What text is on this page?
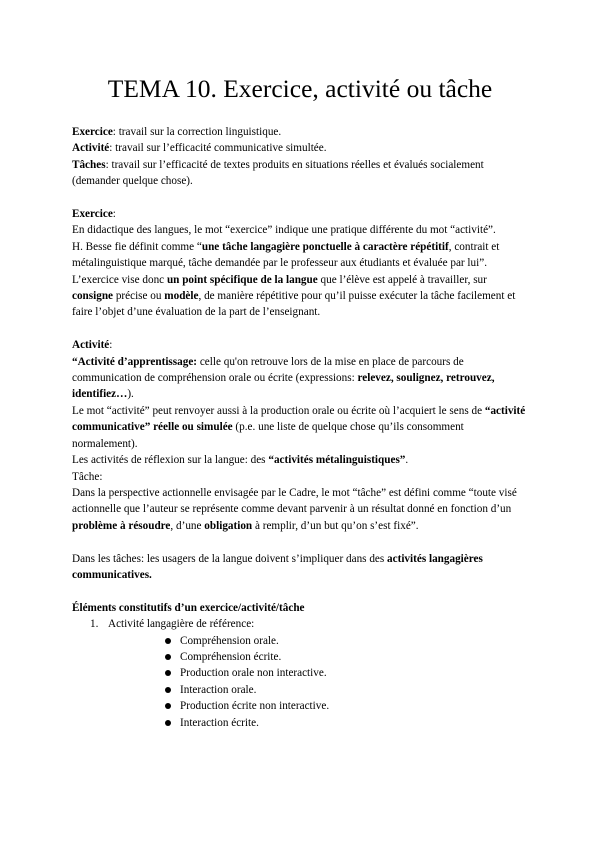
TEMA 10. Exercice, activité ou tâche

Exercice: travail sur la correction linguistique.

Activité: travail sur l’efficacité communicative simultée.

Tâches: travail sur l’efficacité de textes produits en situations réelles et évalués socialement (demander quelque chose).

Exercice:

En didactique des langues, le mot “exercice” indique une pratique différente du mot “activité”.

H. Besse fie définit comme “une tâche langagière ponctuelle à caractère répétitif, contrait et métalinguistique marqué, tâche demandée par le professeur aux étudiants et évaluée par lui”.

L’exercice vise donc un point spécifique de la langue que l’élève est appelé à travailler, sur consigne précise ou modèle, de manière répétitive pour qu’il puisse exécuter la tâche facilement et faire l’objet d’une évaluation de la part de l’enseignant.

Activité:

“Activité d’apprentissage: celle qu'on retrouve lors de la mise en place de parcours de communication de compréhension orale ou écrite (expressions: relevez, soulignez, retrouvez, identifiez…).

Le mot “activité” peut renvoyer aussi à la production orale ou écrite où l’acquiert le sens de “activité communicative” réelle ou simulée (p.e. une liste de quelque chose qu’ils consomment normalement).

Les activités de réflexion sur la langue: des “activités métalinguistiques”.

Tâche:

Dans la perspective actionnelle envisagée par le Cadre, le mot “tâche” est défini comme “toute visé actionnelle que l’auteur se représente comme devant parvenir à un résultat donné en fonction d’un problème à résoudre, d’une obligation à remplir, d’un but qu’on s’est fixé”.

Dans les tâches: les usagers de la langue doivent s’impliquer dans des activités langagières communicatives.

Éléments constitutifs d’un exercice/activité/tâche

1. Activité langagière de référence:
Compréhension orale.
Compréhension écrite.
Production orale non interactive.
Interaction orale.
Production écrite non interactive.
Interaction écrite.
